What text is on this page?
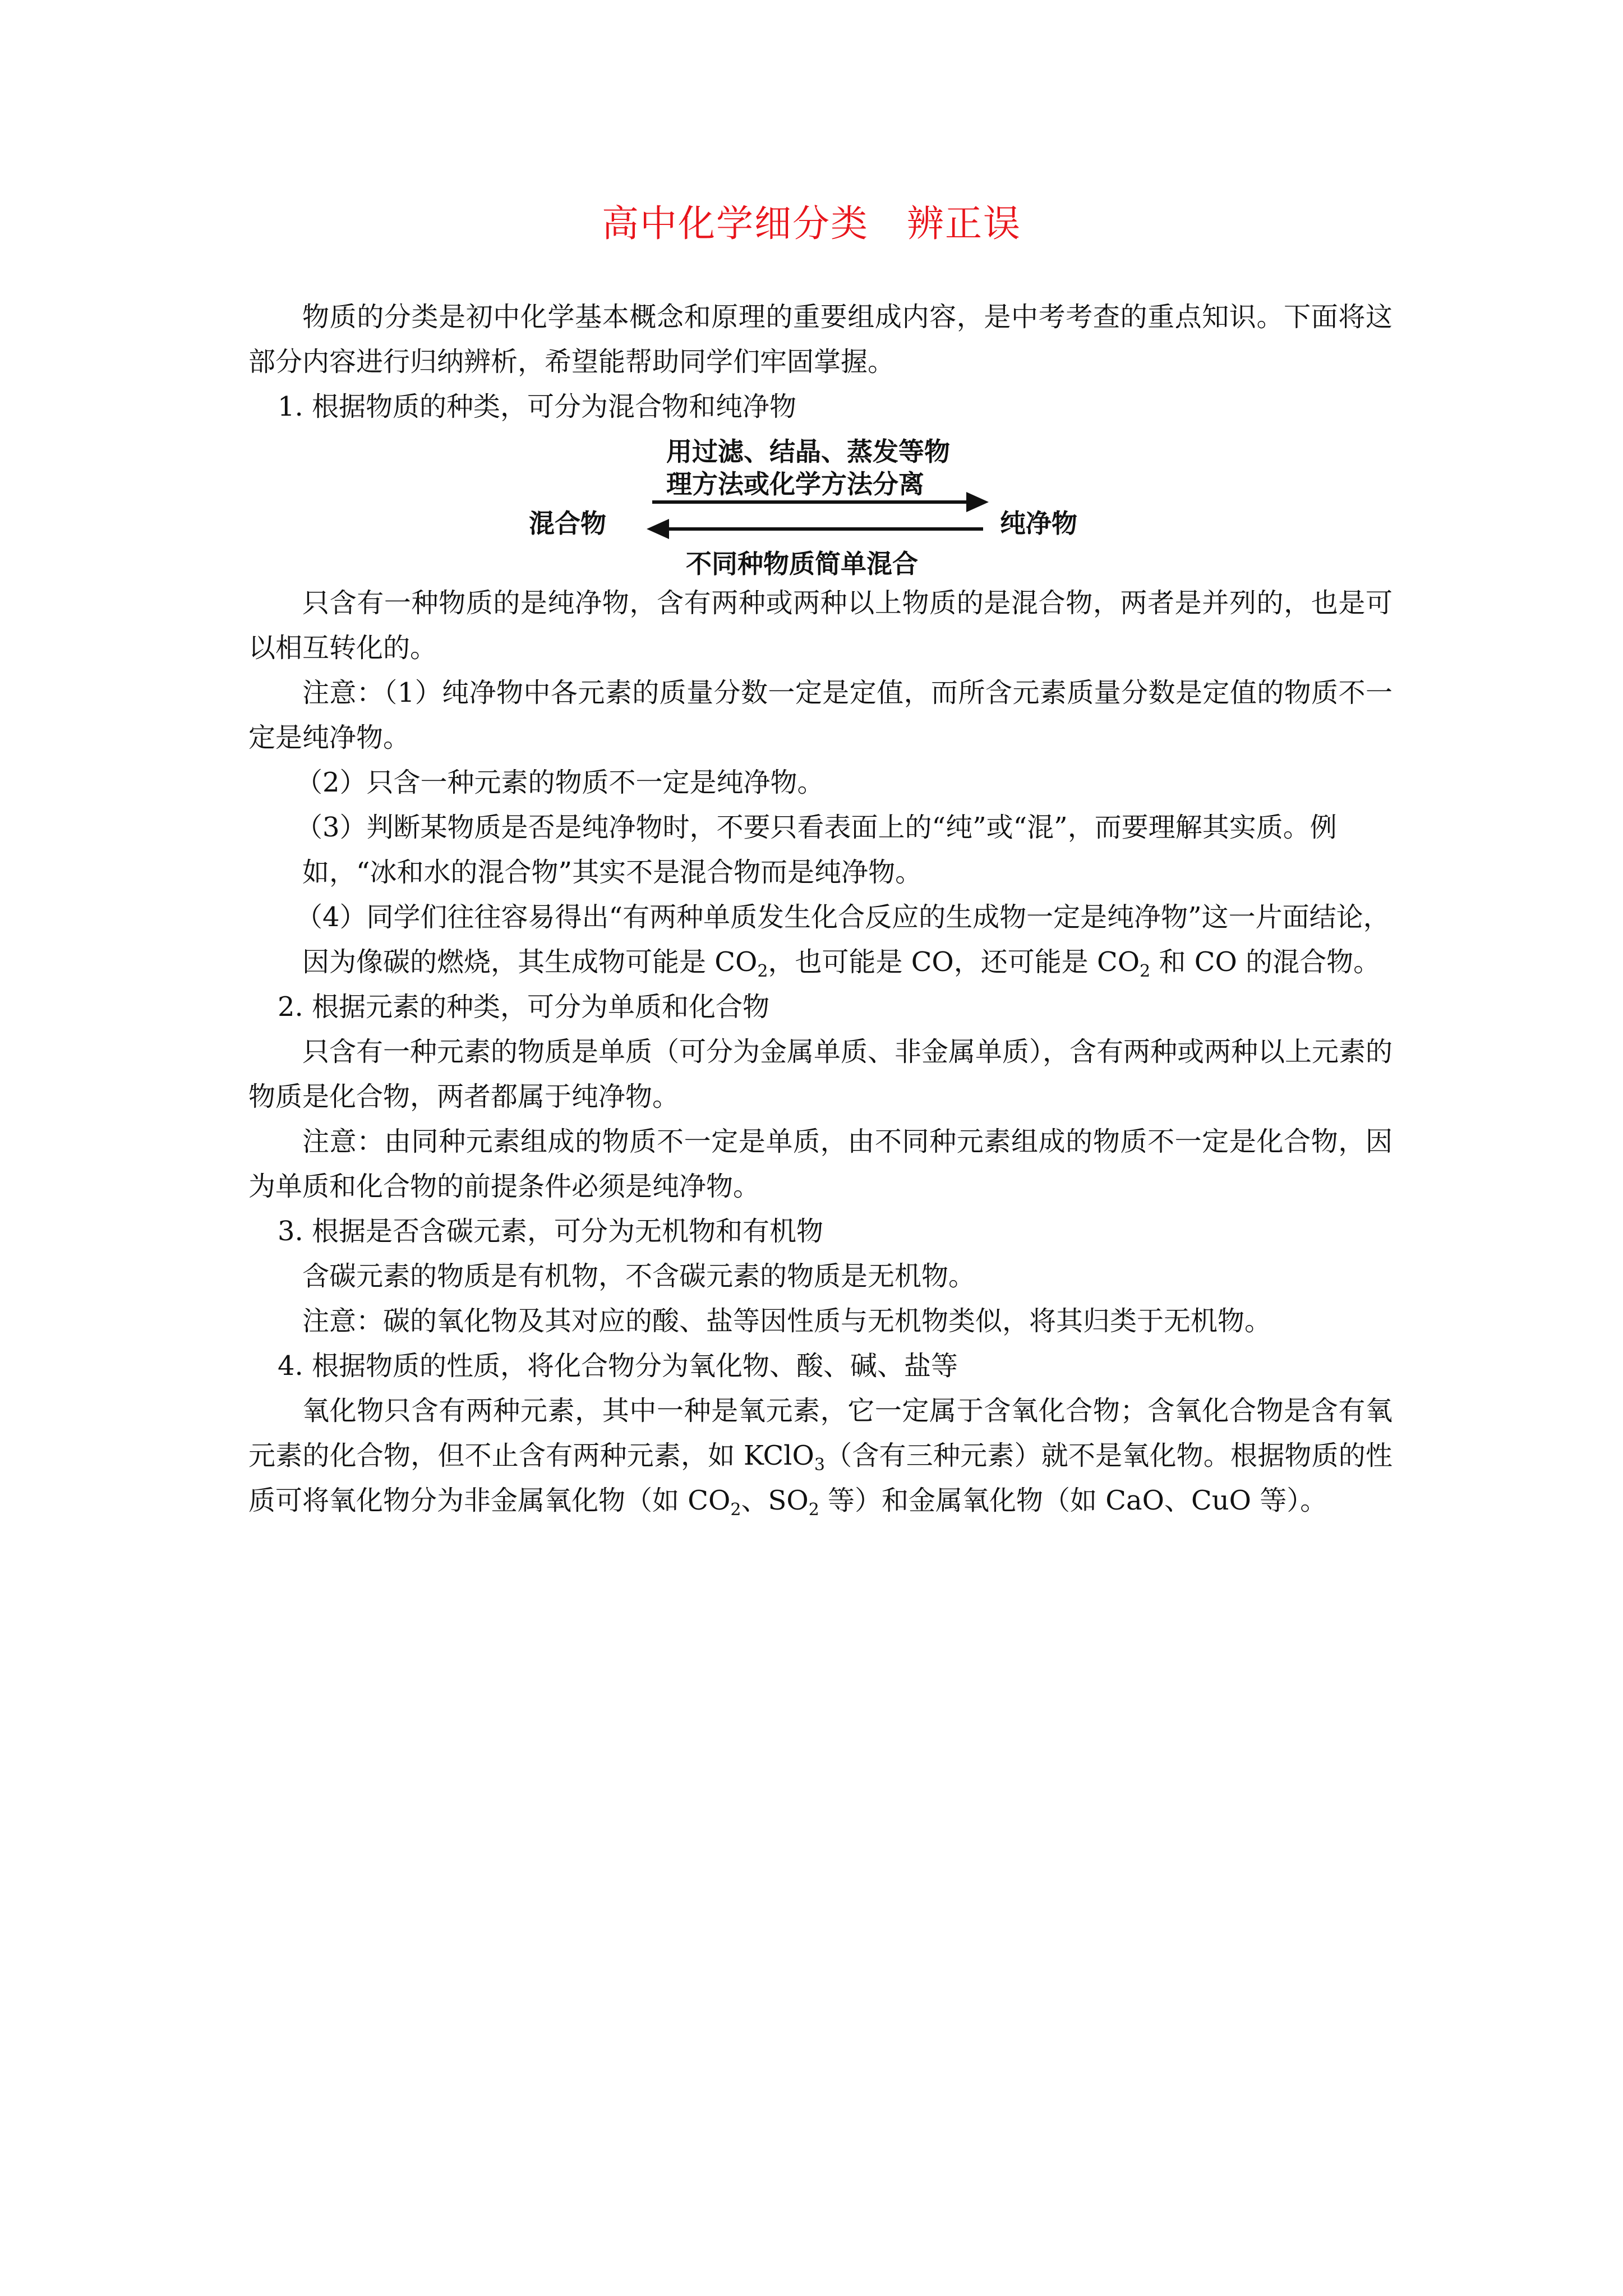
高中化学细分类　辨正误

物质的分类是初中化学基本概念和原理的重要组成内容，是中考考查的重点知识。下面将这部分内容进行归纳辨析，希望能帮助同学们牢固掌握。

1. 根据物质的种类，可分为混合物和纯净物

用过滤、结晶、蒸发等物
理方法或化学方法分离
混合物	纯净物
不同种物质简单混合

只含有一种物质的是纯净物，含有两种或两种以上物质的是混合物，两者是并列的，也是可以相互转化的。

注意：（1）纯净物中各元素的质量分数一定是定值，而所含元素质量分数是定值的物质不一定是纯净物。

（2）只含一种元素的物质不一定是纯净物。

（3）判断某物质是否是纯净物时，不要只看表面上的“纯”或“混”，而要理解其实质。例如，“冰和水的混合物”其实不是混合物而是纯净物。

（4）同学们往往容易得出“有两种单质发生化合反应的生成物一定是纯净物”这一片面结论，因为像碳的燃烧，其生成物可能是 $CO_2$，也可能是 CO，还可能是 $CO_2$ 和 CO 的混合物。

2. 根据元素的种类，可分为单质和化合物

只含有一种元素的物质是单质（可分为金属单质、非金属单质），含有两种或两种以上元素的物质是化合物，两者都属于纯净物。

注意：由同种元素组成的物质不一定是单质，由不同种元素组成的物质不一定是化合物，因为单质和化合物的前提条件必须是纯净物。

3. 根据是否含碳元素，可分为无机物和有机物

含碳元素的物质是有机物，不含碳元素的物质是无机物。

注意：碳的氧化物及其对应的酸、盐等因性质与无机物类似，将其归类于无机物。

4. 根据物质的性质，将化合物分为氧化物、酸、碱、盐等

氧化物只含有两种元素，其中一种是氧元素，它一定属于含氧化合物；含氧化合物是含有氧元素的化合物，但不止含有两种元素，如 KClO$_3$（含有三种元素）就不是氧化物。根据物质的性质可将氧化物分为非金属氧化物（如 $CO_2$、$SO_2$ 等）和金属氧化物（如 CaO、CuO 等）。
